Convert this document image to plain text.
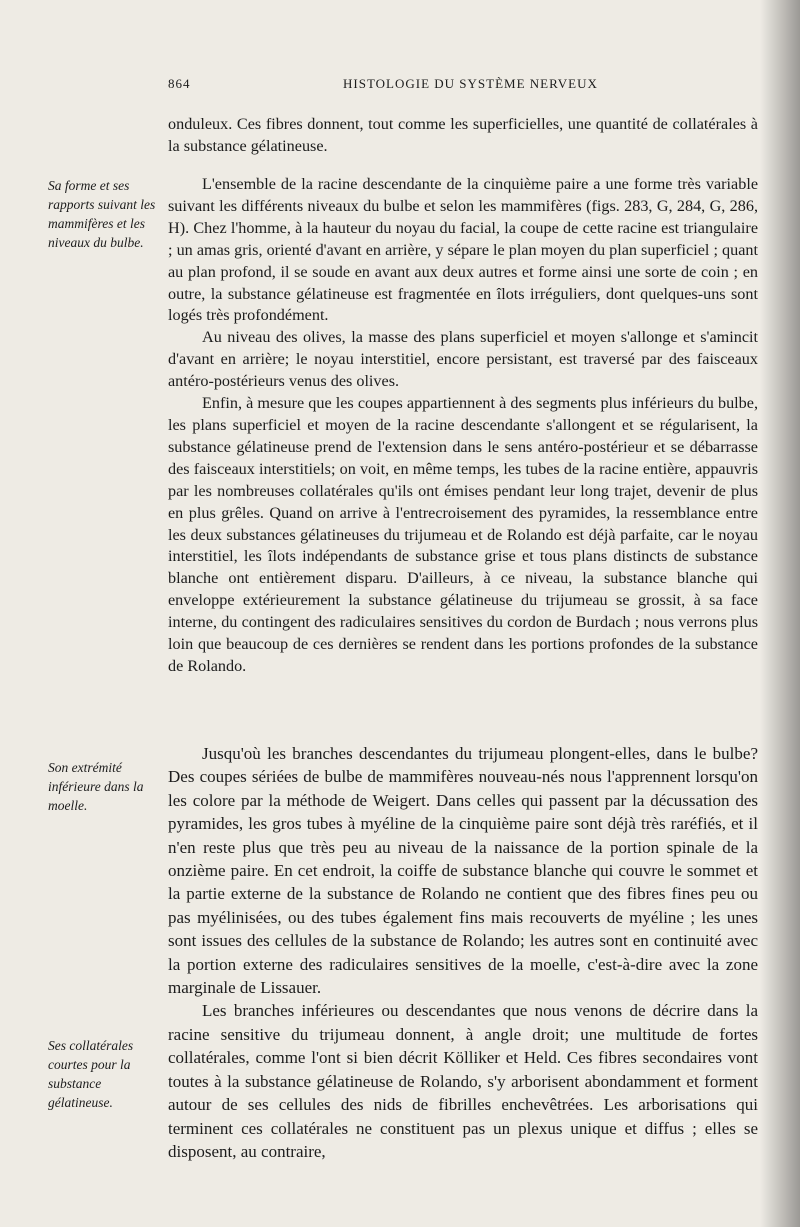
864	HISTOLOGIE DU SYSTÈME NERVEUX
Sa forme et ses rapports suivant les mammifères et les niveaux du bulbe.
Son extrémité inférieure dans la moelle.
Ses collatérales courtes pour la substance gélatineuse.

onduleux. Ces fibres donnent, tout comme les superficielles, une quantité de collatérales à la substance gélatineuse.

L'ensemble de la racine descendante de la cinquième paire a une forme très variable suivant les différents niveaux du bulbe et selon les mammifères (figs. 283, G, 284, G, 286, H). Chez l'homme, à la hauteur du noyau du facial, la coupe de cette racine est triangulaire ; un amas gris, orienté d'avant en arrière, y sépare le plan moyen du plan superficiel ; quant au plan profond, il se soude en avant aux deux autres et forme ainsi une sorte de coin ; en outre, la substance gélatineuse est fragmentée en îlots irréguliers, dont quelques-uns sont logés très profondément.

Au niveau des olives, la masse des plans superficiel et moyen s'allonge et s'amincit d'avant en arrière; le noyau interstitiel, encore persistant, est traversé par des faisceaux antéro-postérieurs venus des olives.

Enfin, à mesure que les coupes appartiennent à des segments plus inférieurs du bulbe, les plans superficiel et moyen de la racine descendante s'allongent et se régularisent, la substance gélatineuse prend de l'extension dans le sens antéro-postérieur et se débarrasse des faisceaux interstitiels; on voit, en même temps, les tubes de la racine entière, appauvris par les nombreuses collatérales qu'ils ont émises pendant leur long trajet, devenir de plus en plus grêles. Quand on arrive à l'entrecroisement des pyramides, la ressemblance entre les deux substances gélatineuses du trijumeau et de Rolando est déjà parfaite, car le noyau interstitiel, les îlots indépendants de substance grise et tous plans distincts de substance blanche ont entièrement disparu. D'ailleurs, à ce niveau, la substance blanche qui enveloppe extérieurement la substance gélatineuse du trijumeau se grossit, à sa face interne, du contingent des radiculaires sensitives du cordon de Burdach ; nous verrons plus loin que beaucoup de ces dernières se rendent dans les portions profondes de la substance de Rolando.

Jusqu'où les branches descendantes du trijumeau plongent-elles, dans le bulbe? Des coupes sériées de bulbe de mammifères nouveau-nés nous l'apprennent lorsqu'on les colore par la méthode de Weigert. Dans celles qui passent par la décussation des pyramides, les gros tubes à myéline de la cinquième paire sont déjà très raréfiés, et il n'en reste plus que très peu au niveau de la naissance de la portion spinale de la onzième paire. En cet endroit, la coiffe de substance blanche qui couvre le sommet et la partie externe de la substance de Rolando ne contient que des fibres fines peu ou pas myélinisées, ou des tubes également fins mais recouverts de myéline ; les unes sont issues des cellules de la substance de Rolando; les autres sont en continuité avec la portion externe des radiculaires sensitives de la moelle, c'est-à-dire avec la zone marginale de Lissauer.

Les branches inférieures ou descendantes que nous venons de décrire dans la racine sensitive du trijumeau donnent, à angle droit; une multitude de fortes collatérales, comme l'ont si bien décrit Kölliker et Held. Ces fibres secondaires vont toutes à la substance gélatineuse de Rolando, s'y arborisent abondamment et forment autour de ses cellules des nids de fibrilles enchevêtrées. Les arborisations qui terminent ces collatérales ne constituent pas un plexus unique et diffus ; elles se disposent, au contraire,
